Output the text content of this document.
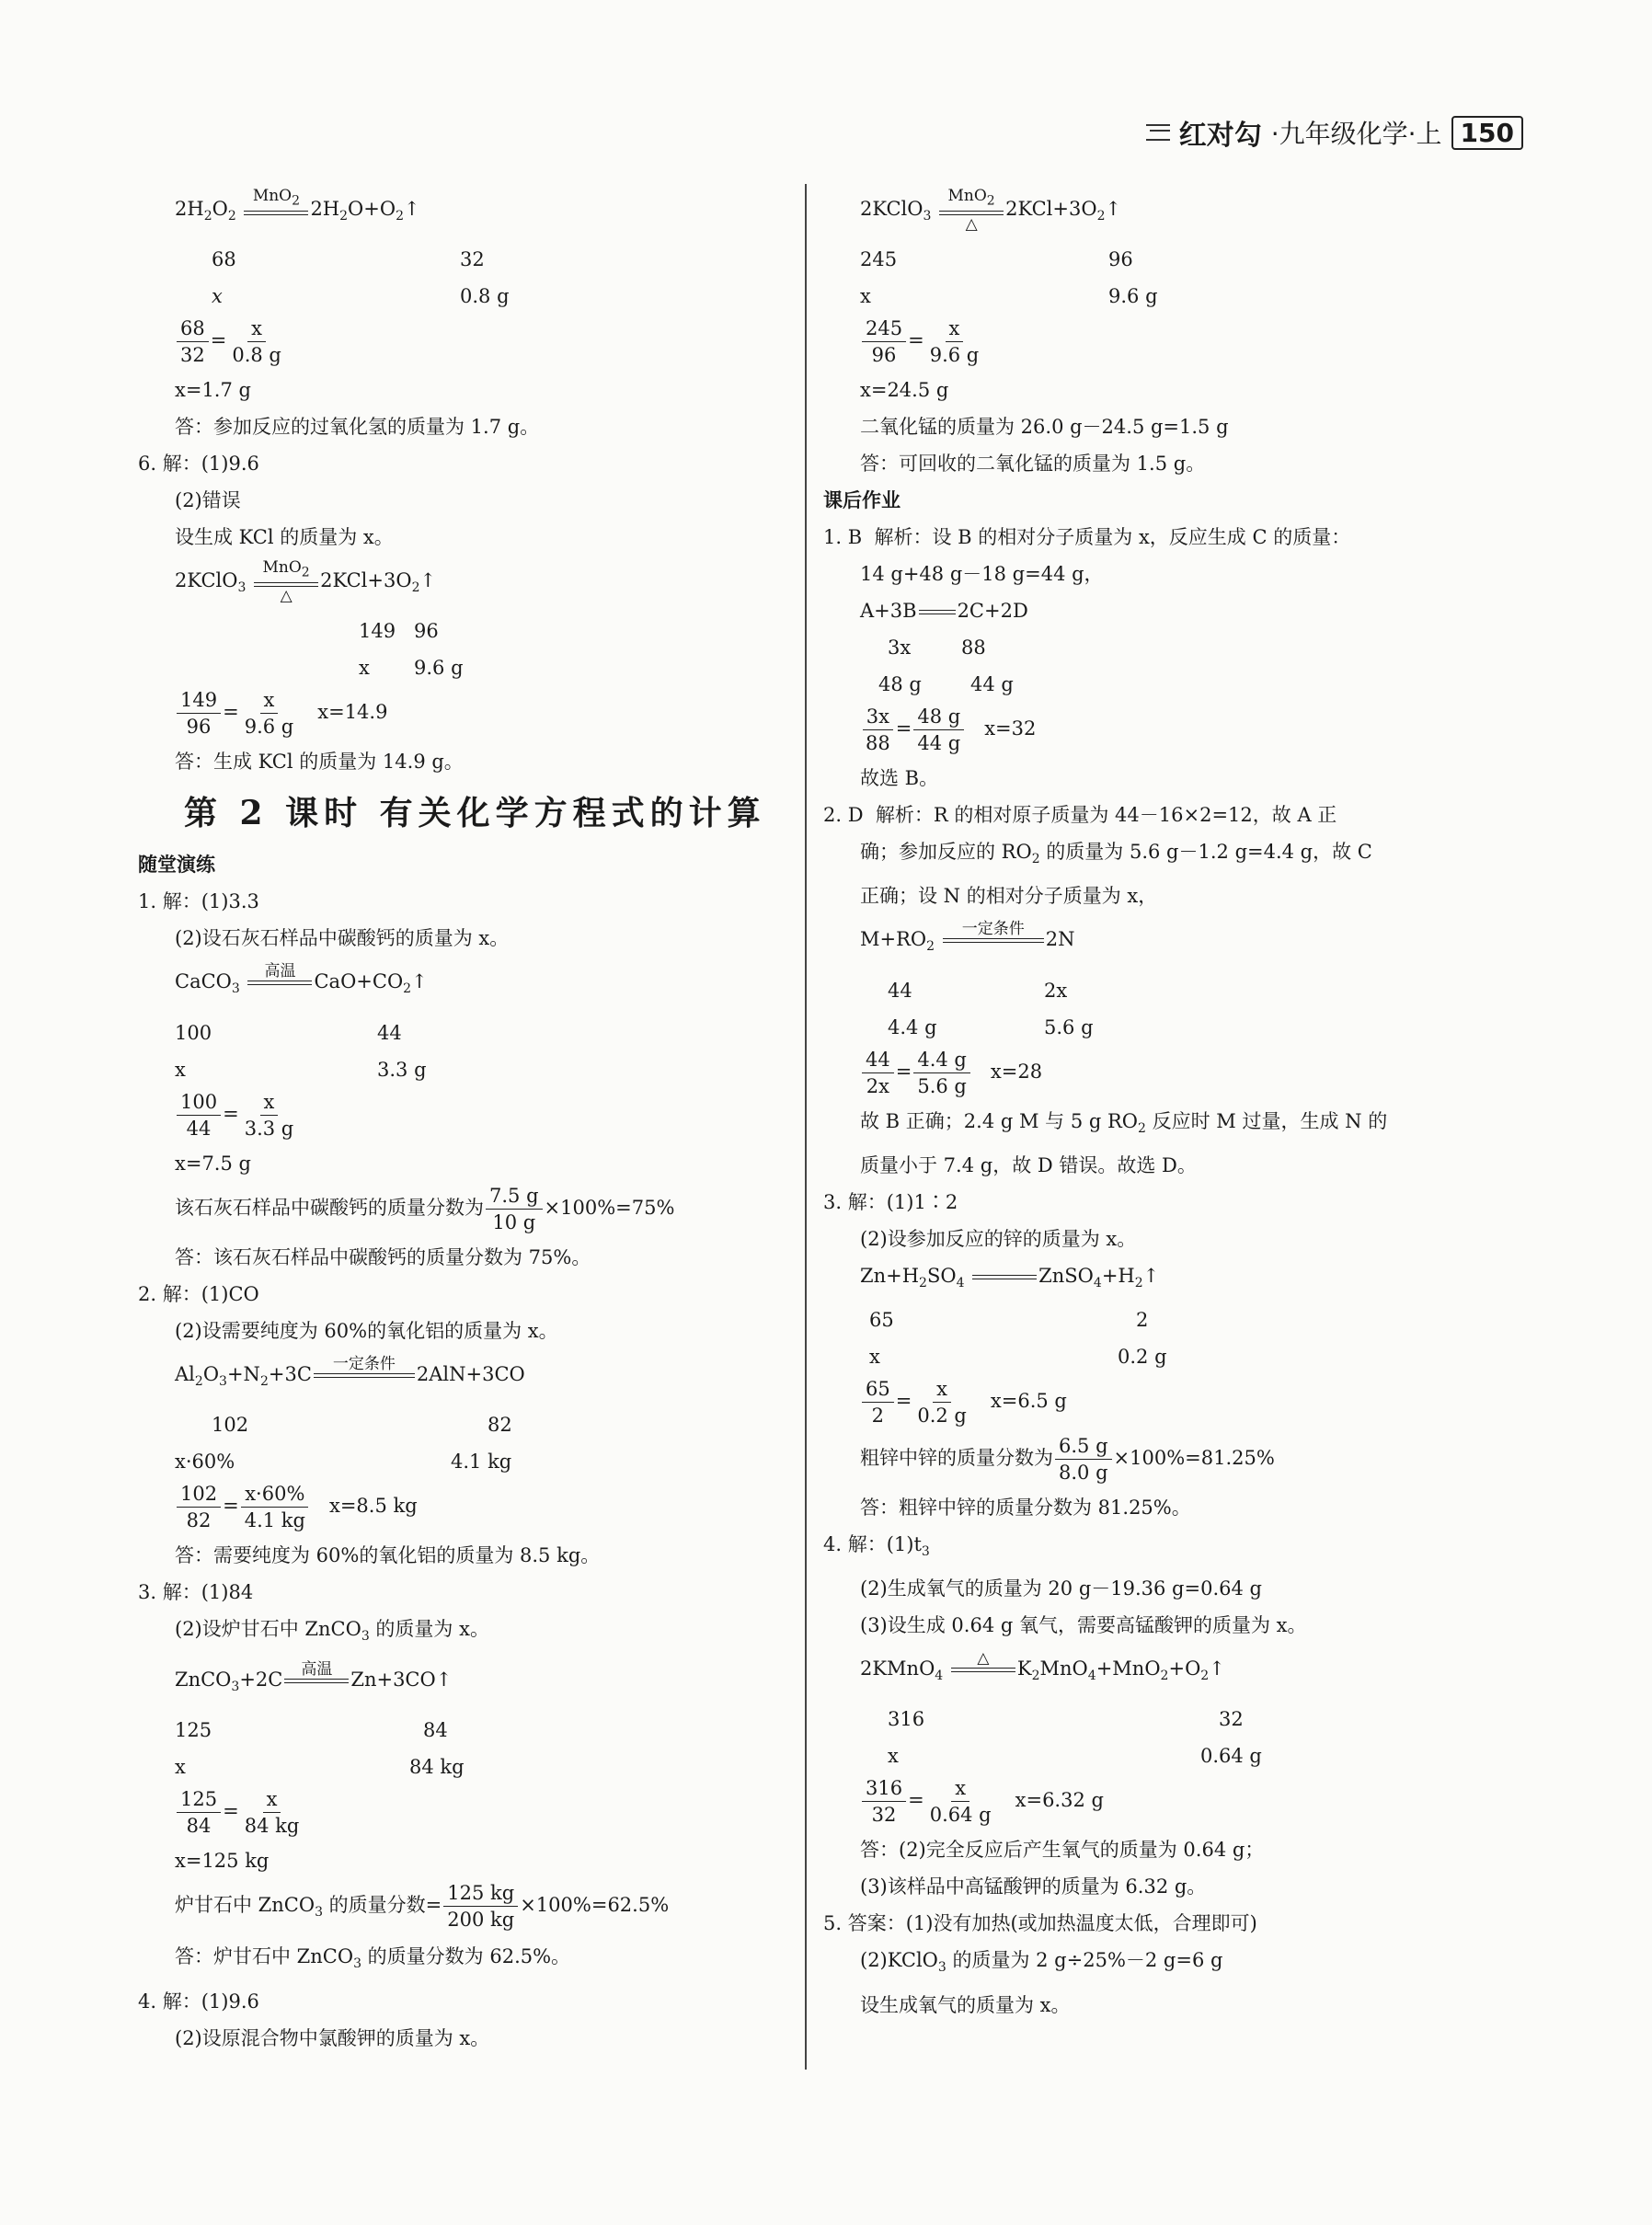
红对勾 ·九年级化学·上 150
$2H_2O_2$
MnO$_2$
$2H_2O+O_2↑$
68	32
x	0.8 g
$\frac{68}{32} = \frac{x}{0.8 g}$
x=1.7 g
答：参加反应的过氧化氢的质量为 1.7 g。
6. 解：(1)9.6
(2)错误
设生成 KCl 的质量为 x。
2KClO$_3$
MnO$_2$
△
$2KCl+3O_2↑$
149 96
x 9.6 g
$\frac{149}{96} = \frac{x}{9.6 g} x=14.9$
答：生成 KCl 的质量为 14.9 g。
第 2 课时 有关化学方程式的计算
随堂演练
1. 解：(1)3.3
(2)设石灰石样品中碳酸钙的质量为 x。
CaCO$_3$
高温
$CaO+CO_2↑$
100	44
x	3.3 g
$\frac{100}{44} = \frac{x}{3.3 g}$
x=7.5 g
该石灰石样品中碳酸钙的质量分数为 $\frac{7.5 g}{10 g} \times 100\%=75\%$
答：该石灰石样品中碳酸钙的质量分数为 75%。
2. 解：(1)CO
(2)设需要纯度为 60%的氧化铝的质量为 x。
$Al_2O_3+N_2+3C$	一定条件
	2AlN+3CO
102	82
x·60%	4.1 kg
$\frac{102}{82} = \frac{x\cdot 60\%}{4.1 kg} x=8.5$ kg
答：需要纯度为 60%的氧化铝的质量为 8.5 kg。
3. 解：(1)84
(2)设炉甘石中 ZnCO$_3$ 的质量为 x。
ZnCO$_3$+2C	高温
Zn+3CO↑
125	84
x	84 kg
$\frac{125}{84} = \frac{x}{84 kg}$
x=125 kg
炉甘石中 ZnCO$_3$ 的质量分数= $\frac{125 kg}{200 kg} \times 100\%=62.5\%$
答：炉甘石中 ZnCO$_3$ 的质量分数为 62.5%。
4. 解：(1)9.6
(2)设原混合物中氯酸钾的质量为 x。
2KClO$_3$
MnO$_2$
△
$2KCl+3O_2↑$
245	96
x	9.6 g
$\frac{245}{96} = \frac{x}{9.6 g}$
x=24.5 g
二氧化锰的质量为 26.0 g－24.5 g=1.5 g
答：可回收的二氧化锰的质量为 1.5 g。
课后作业
1. B  解析：设 B 的相对分子质量为 x，反应生成 C 的质量：
14 g+48 g－18 g=44 g，
A+3B 2C+2D
3x	88
48 g	44 g
$\frac{3x}{88} = \frac{48 g}{44 g} x=32$
故选 B。
2. D  解析：R 的相对原子质量为 44－16×2=12，故 A 正
确；参加反应的 $RO_2$ 的质量为 5.6 g－1.2 g=4.4 g，故 C
正确；设 N 的相对分子质量为 x，
$M+RO_2$
一定条件
	2N
44	2x
4.4 g	5.6 g
$\frac{44}{2x} = \frac{4.4 g}{5.6 g} x=28$
故 B 正确；2.4 g M 与 5 g $RO_2$ 反应时 M 过量，生成 N 的
质量小于 7.4 g，故 D 错误。故选 D。
3. 解：(1)1∶2
(2)设参加反应的锌的质量为 x。
$Zn+H_2SO_4$	$ZnSO_4+H_2↑$
65	2
x	0.2 g
$\frac{65}{2} = \frac{x}{0.2 g} x=6.5$ g
粗锌中锌的质量分数为 $\frac{6.5 g}{8.0 g} \times 100\%=81.25\%$
答：粗锌中锌的质量分数为 81.25%。
4. 解：$(1)t_3$
(2)生成氧气的质量为 20 g－19.36 g=0.64 g
(3)设生成 0.64 g 氧气，需要高锰酸钾的质量为 x。
2KMnO$_4$
△
	$K_2MnO_4+MnO_2+O_2↑$
316	32
x	0.64 g
$\frac{316}{32} = \frac{x}{0.64 g} x=6.32$ g
答：(2)完全反应后产生氧气的质量为 0.64 g；
(3)该样品中高锰酸钾的质量为 6.32 g。
5. 答案：(1)没有加热(或加热温度太低，合理即可)
(2)KClO$_3$ 的质量为 2 g÷25%－2 g=6 g
设生成氧气的质量为 x。
